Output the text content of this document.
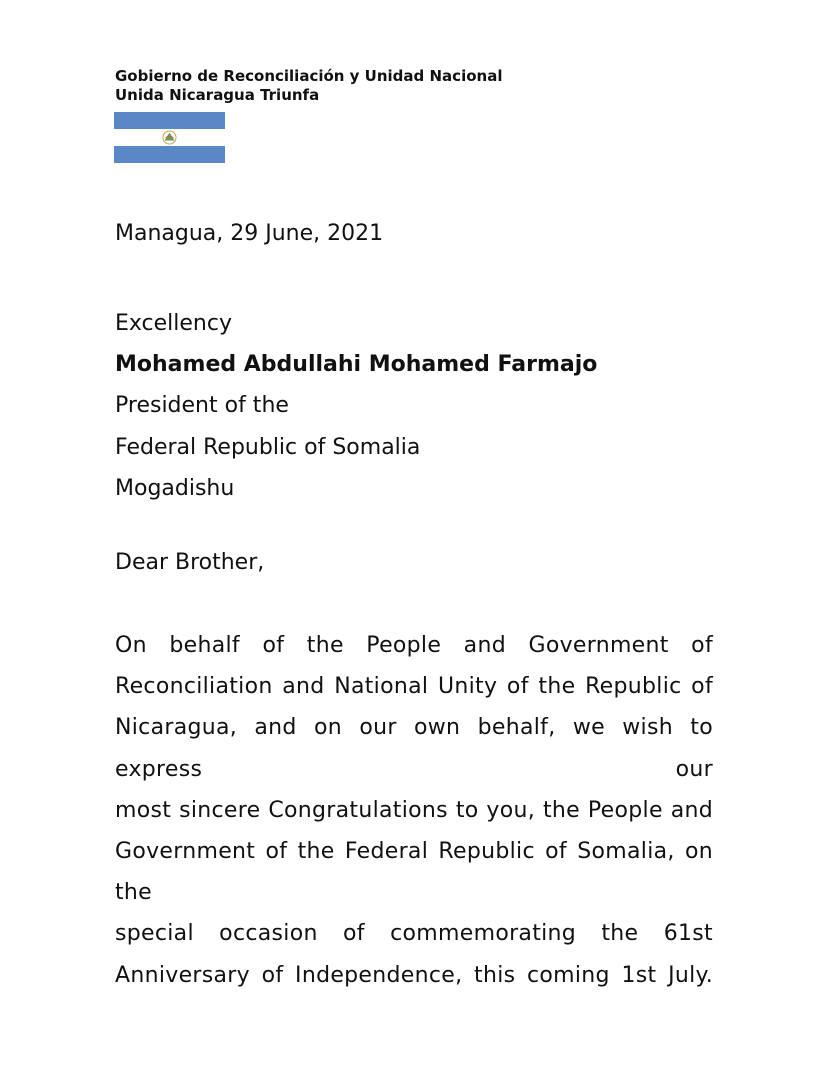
Gobierno de Reconciliación y Unidad Nacional
Unida Nicaragua Triunfa
Managua, 29 June, 2021
Excellency
Mohamed Abdullahi Mohamed Farmajo
President of the
Federal Republic of Somalia
Mogadishu
Dear Brother,
On behalf of the People and Government of
Reconciliation and National Unity of the Republic of
Nicaragua, and on our own behalf, we wish to express our
most sincere Congratulations to you, the People and
Government of the Federal Republic of Somalia, on the
special occasion of commemorating the 61st
Anniversary of Independence, this coming 1st July.
